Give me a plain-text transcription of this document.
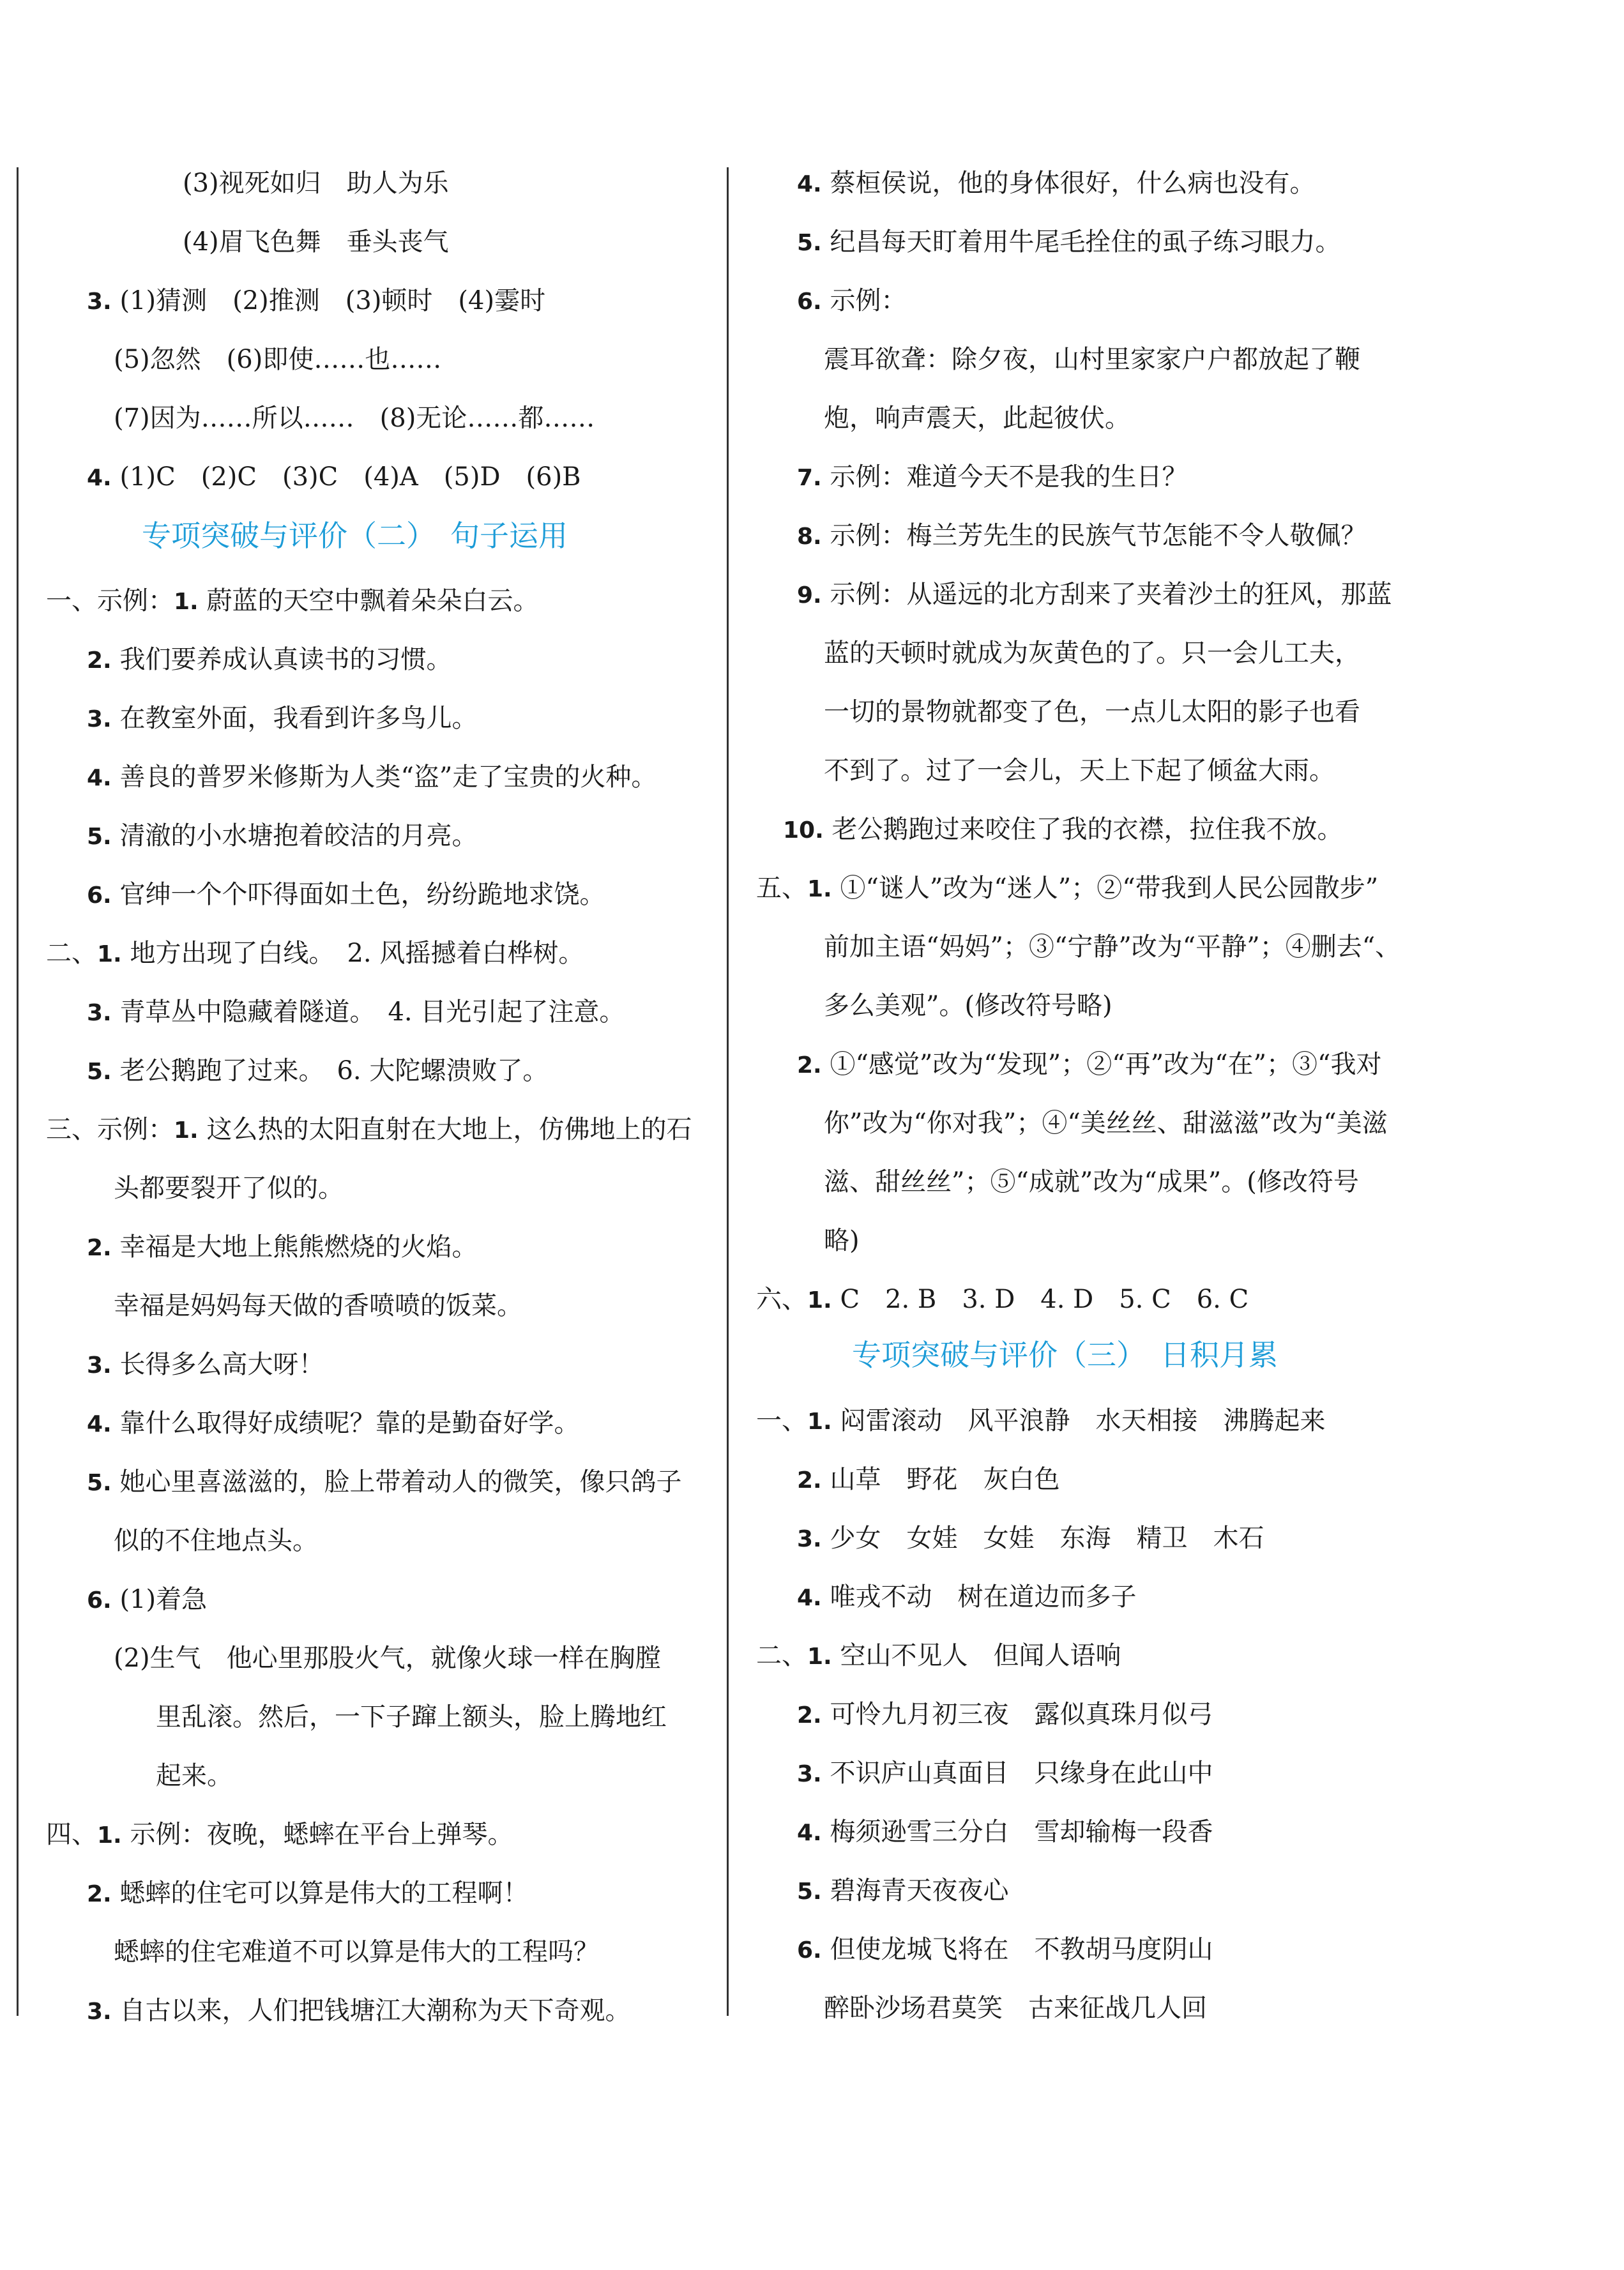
(3)视死如归　助人为乐
(4)眉飞色舞　垂头丧气
3. (1)猜测　(2)推测　(3)顿时　(4)霎时
(5)忽然　(6)即使……也……
(7)因为……所以……　(8)无论……都……
4. (1)C　(2)C　(3)C　(4)A　(5)D　(6)B
专项突破与评价（二）　句子运用
一、示例：1. 蔚蓝的天空中飘着朵朵白云。
2. 我们要养成认真读书的习惯。
3. 在教室外面，我看到许多鸟儿。
4. 善良的普罗米修斯为人类“盗”走了宝贵的火种。
5. 清澈的小水塘抱着皎洁的月亮。
6. 官绅一个个吓得面如土色，纷纷跪地求饶。
二、1. 地方出现了白线。　2. 风摇撼着白桦树。
3. 青草丛中隐藏着隧道。　4. 目光引起了注意。
5. 老公鹅跑了过来。　6. 大陀螺溃败了。
三、示例：1. 这么热的太阳直射在大地上，仿佛地上的石
头都要裂开了似的。
2. 幸福是大地上熊熊燃烧的火焰。
幸福是妈妈每天做的香喷喷的饭菜。
3. 长得多么高大呀！
4. 靠什么取得好成绩呢？靠的是勤奋好学。
5. 她心里喜滋滋的，脸上带着动人的微笑，像只鸽子
似的不住地点头。
6. (1)着急
(2)生气　他心里那股火气，就像火球一样在胸膛
里乱滚。然后，一下子蹿上额头，脸上腾地红
起来。
四、1. 示例：夜晚，蟋蟀在平台上弹琴。
2. 蟋蟀的住宅可以算是伟大的工程啊！
蟋蟀的住宅难道不可以算是伟大的工程吗？
3. 自古以来，人们把钱塘江大潮称为天下奇观。
4. 蔡桓侯说，他的身体很好，什么病也没有。
5. 纪昌每天盯着用牛尾毛拴住的虱子练习眼力。
6. 示例：
震耳欲聋：除夕夜，山村里家家户户都放起了鞭
炮，响声震天，此起彼伏。
7. 示例：难道今天不是我的生日？
8. 示例：梅兰芳先生的民族气节怎能不令人敬佩？
9. 示例：从遥远的北方刮来了夹着沙土的狂风，那蓝
蓝的天顿时就成为灰黄色的了。只一会儿工夫，
一切的景物就都变了色，一点儿太阳的影子也看
不到了。过了一会儿，天上下起了倾盆大雨。
10. 老公鹅跑过来咬住了我的衣襟，拉住我不放。
五、1. ①“谜人”改为“迷人”；②“带我到人民公园散步”
前加主语“妈妈”；③“宁静”改为“平静”；④删去“、
多么美观”。(修改符号略)
2. ①“感觉”改为“发现”；②“再”改为“在”；③“我对
你”改为“你对我”；④“美丝丝、甜滋滋”改为“美滋
滋、甜丝丝”；⑤“成就”改为“成果”。(修改符号
略)
六、1. C　2. B　3. D　4. D　5. C　6. C
专项突破与评价（三）　日积月累
一、1. 闷雷滚动　风平浪静　水天相接　沸腾起来
2. 山草　野花　灰白色
3. 少女　女娃　女娃　东海　精卫　木石
4. 唯戎不动　树在道边而多子
二、1. 空山不见人　但闻人语响
2. 可怜九月初三夜　露似真珠月似弓
3. 不识庐山真面目　只缘身在此山中
4. 梅须逊雪三分白　雪却输梅一段香
5. 碧海青天夜夜心
6. 但使龙城飞将在　不教胡马度阴山
醉卧沙场君莫笑　古来征战几人回
